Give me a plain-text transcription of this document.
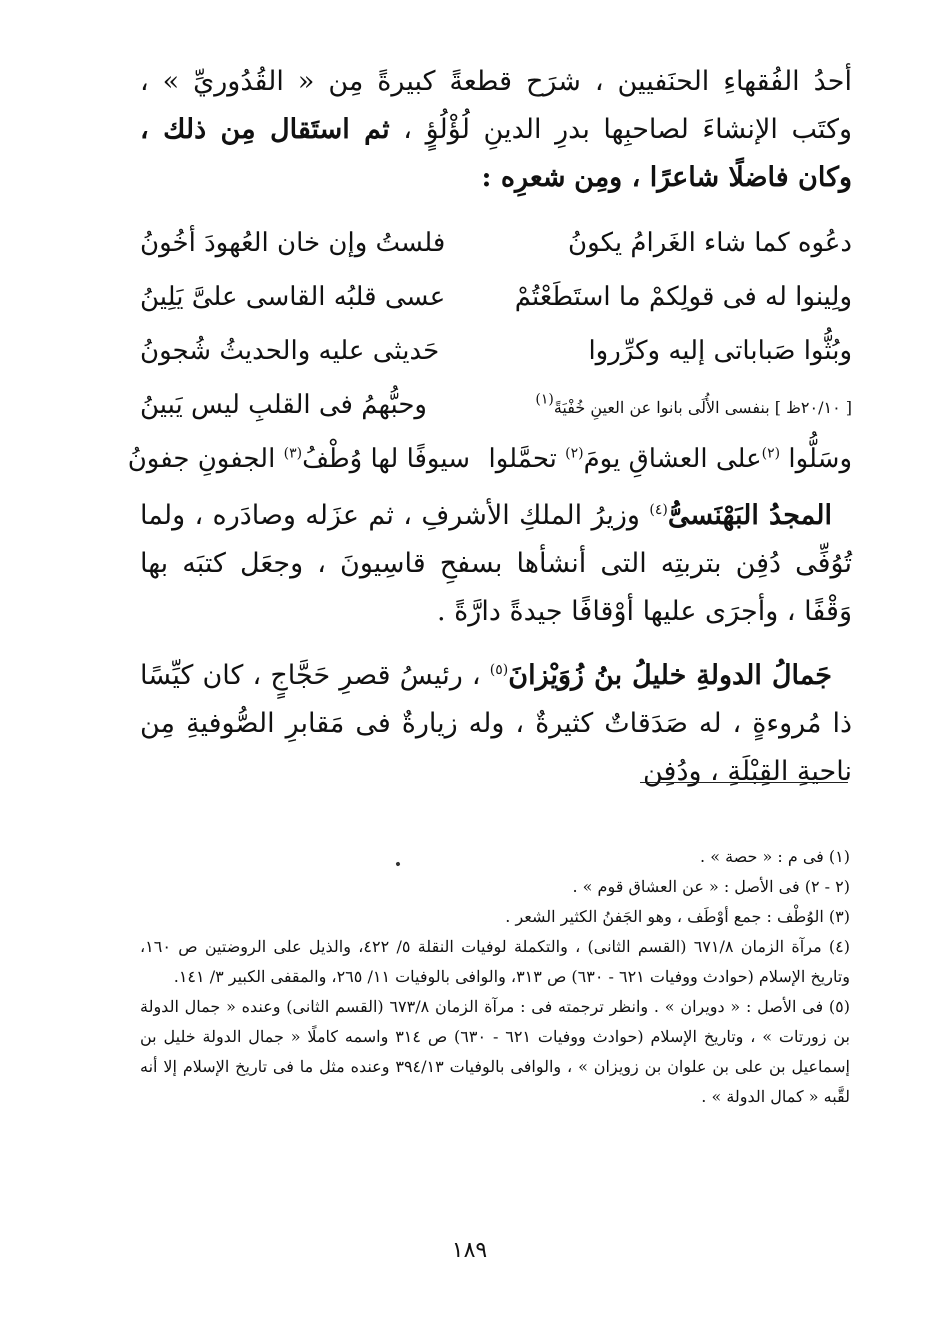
أحدُ الفُقهاءِ الحنَفيين ، شرَح قطعةً كبيرةً مِن « القُدُوريِّ » ، وكتَب الإنشاءَ لصاحبِها بدرِ الدينِ لُؤْلُؤٍ ، ثم استَقال مِن ذلك ، وكان فاضلًا شاعرًا ، ومِن شعرِه :

دعُوه كما شاء الغَرامُ يكونُ
فلستُ وإن خان العُهودَ أخُونُ
ولِينوا له فى قولِكمْ ما استَطَعْتُمْ
عسى قلبُه القاسى علىَّ يَلِينُ
وبُثُّوا صَباباتى إليه وكرِّروا
حَديثى عليه والحديثُ شُجونُ
[ ٢٠/١٠ظ ] بنفسى الأُلَى بانوا عن العينِ خُفْيَةً$^{(١)}$
وحبُّهمُ فى القلبِ ليس يَبينُ
وسَلُّوا $^{(٢)}$على العشاقِ يومَ$^{(٢)}$ تحمَّلوا
سيوفًا لها وُطْفُ$^{(٣)}$ الجفونِ جفونُ

المجدُ البَهْنَسىُّ$^{(٤)}$ وزيرُ الملكِ الأشرفِ ، ثم عزَله وصادَره ، ولما تُوُفِّى دُفِن بتربتِه التى أنشأها بسفحِ قاسِيونَ ، وجعَل كتبَه بها وَقْفًا ، وأجرَى عليها أوْقافًا جيدةً دارَّةً .

جَمالُ الدولةِ خليلُ بنُ زُوَيْزانَ$^{(٥)}$ ، رئيسُ قصرِ حَجَّاجٍ ، كان كيِّسًا ذا مُروءةٍ ، له صَدَقاتٌ كثيرةٌ ، وله زيارةٌ فى مَقابرِ الصُّوفيةِ مِن ناحيةِ القِبْلَةِ ، ودُفِن

(١) فى م : « حصة » .

(٢ - ٢) فى الأصل : « عن العشاق قوم » .

(٣) الوُطْف : جمع أوْطَف ، وهو الجَفنُ الكثير الشعر .

(٤) مرآة الزمان ٦٧١/٨ (القسم الثانى) ، والتكملة لوفيات النقلة ٥/ ٤٢٢، والذيل على الروضتين ص ١٦٠، وتاريخ الإسلام (حوادث ووفيات ٦٢١ - ٦٣٠) ص ٣١٣، والوافى بالوفيات ١١/ ٢٦٥، والمقفى الكبير ٣/ ١٤١.

(٥) فى الأصل : « دويران » . وانظر ترجمته فى : مرآة الزمان ٦٧٣/٨ (القسم الثانى) وعنده « جمال الدولة بن زورتات » ، وتاريخ الإسلام (حوادث ووفيات ٦٢١ - ٦٣٠) ص ٣١٤ واسمه كاملًا « جمال الدولة خليل بن إسماعيل بن على بن علوان بن زويزان » ، والوافى بالوفيات ٣٩٤/١٣ وعنده مثل ما فى تاريخ الإسلام إلا أنه لقَّبه « كمال الدولة » .

١٨٩
